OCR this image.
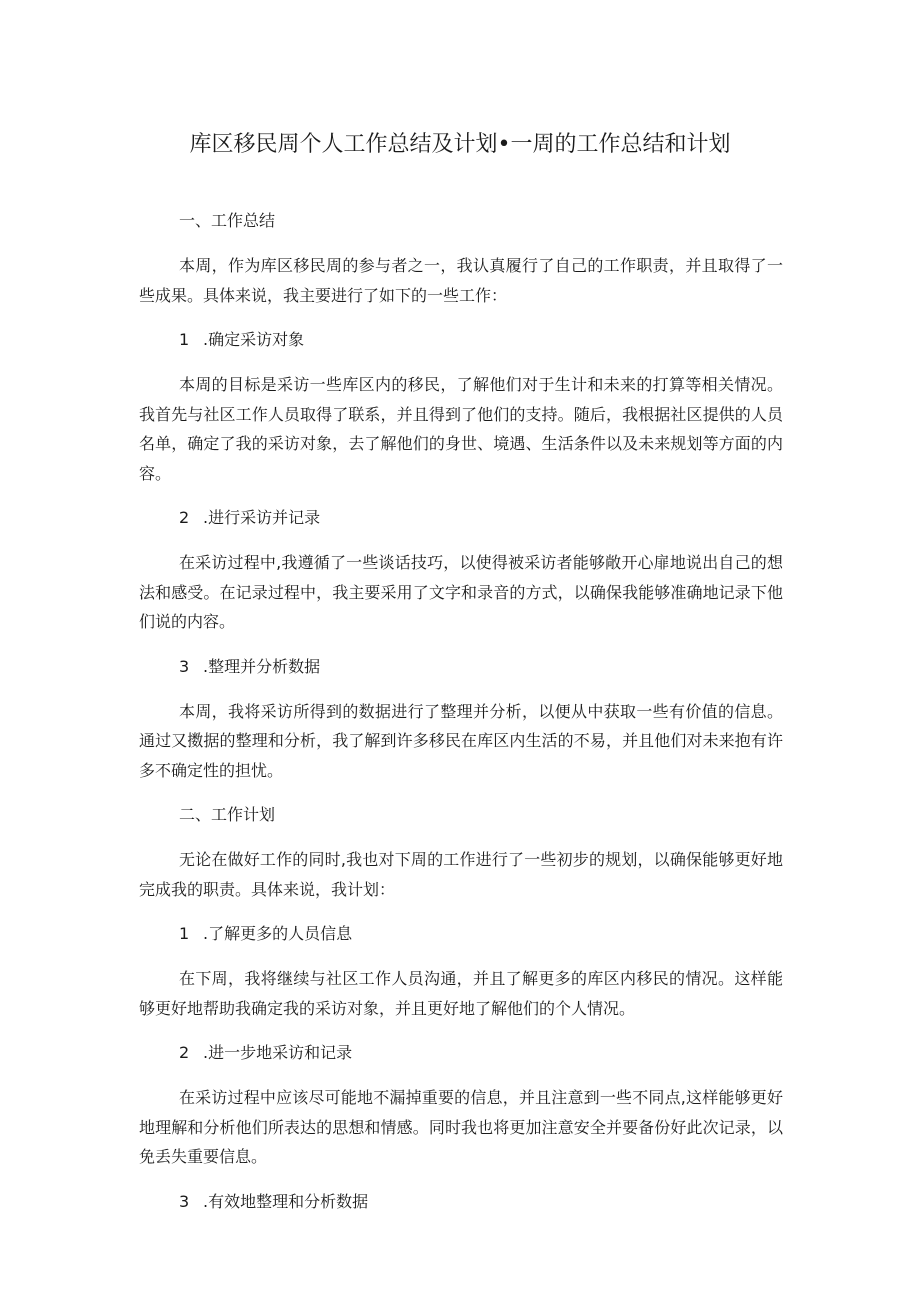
库区移民周个人工作总结及计划•一周的工作总结和计划

一、工作总结

本周，作为库区移民周的参与者之一，我认真履行了自己的工作职责，并且取得了一些成果。具体来说，我主要进行了如下的一些工作：

1 .确定采访对象

本周的目标是采访一些库区内的移民，了解他们对于生计和未来的打算等相关情况。我首先与社区工作人员取得了联系，并且得到了他们的支持。随后，我根据社区提供的人员名单，确定了我的采访对象，去了解他们的身世、境遇、生活条件以及未来规划等方面的内容。

2 .进行采访并记录

在采访过程中,我遵循了一些谈话技巧，以使得被采访者能够敞开心扉地说出自己的想法和感受。在记录过程中，我主要采用了文字和录音的方式，以确保我能够准确地记录下他们说的内容。

3 .整理并分析数据

本周，我将采访所得到的数据进行了整理并分析，以便从中获取一些有价值的信息。通过又擞据的整理和分析，我了解到许多移民在库区内生活的不易，并且他们对未来抱有许多不确定性的担忧。

二、工作计划

无论在做好工作的同时,我也对下周的工作进行了一些初步的规划，以确保能够更好地完成我的职责。具体来说，我计划：

1 .了解更多的人员信息

在下周，我将继续与社区工作人员沟通，并且了解更多的库区内移民的情况。这样能够更好地帮助我确定我的采访对象，并且更好地了解他们的个人情况。

2 .进一步地采访和记录

在采访过程中应该尽可能地不漏掉重要的信息，并且注意到一些不同点,这样能够更好地理解和分析他们所表达的思想和情感。同时我也将更加注意安全并要备份好此次记录，以免丢失重要信息。

3 .有效地整理和分析数据
